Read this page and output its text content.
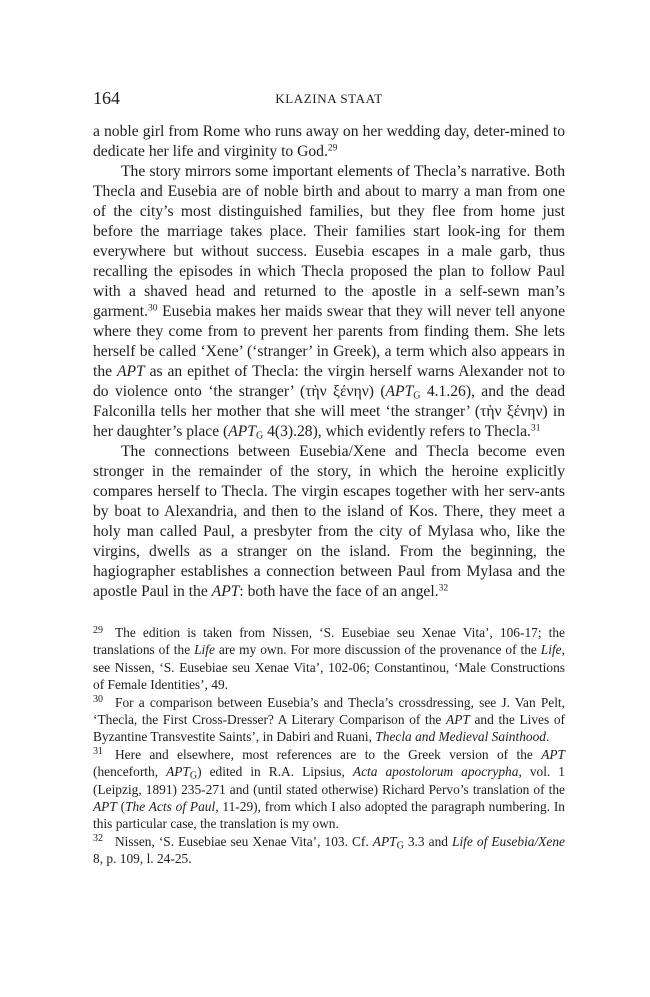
164	KLAZINA STAAT

a noble girl from Rome who runs away on her wedding day, deter-mined to dedicate her life and virginity to God.$^{29}$

The story mirrors some important elements of Thecla’s narrative. Both Thecla and Eusebia are of noble birth and about to marry a man from one of the city’s most distinguished families, but they flee from home just before the marriage takes place. Their families start look-ing for them everywhere but without success. Eusebia escapes in a male garb, thus recalling the episodes in which Thecla proposed the plan to follow Paul with a shaved head and returned to the apostle in a self-sewn man’s garment.$^{30}$ Eusebia makes her maids swear that they will never tell anyone where they come from to prevent her parents from finding them. She lets herself be called ‘Xene’ (‘stranger’ in Greek), a term which also appears in the APT as an epithet of Thecla: the virgin herself warns Alexander not to do violence onto ‘the stranger’ (τὴν ξένην) ($APT_G$ 4.1.26), and the dead Falconilla tells her mother that she will meet ‘the stranger’ (τὴν ξένην) in her daughter’s place ($APT_G$ 4(3).28), which evidently refers to Thecla.$^{31}$

The connections between Eusebia/Xene and Thecla become even stronger in the remainder of the story, in which the heroine explicitly compares herself to Thecla. The virgin escapes together with her serv-ants by boat to Alexandria, and then to the island of Kos. There, they meet a holy man called Paul, a presbyter from the city of Mylasa who, like the virgins, dwells as a stranger on the island. From the beginning, the hagiographer establishes a connection between Paul from Mylasa and the apostle Paul in the APT: both have the face of an angel.$^{32}$

29 The edition is taken from Nissen, ‘S. Eusebiae seu Xenae Vita’, 106-17; the translations of the Life are my own. For more discussion of the provenance of the Life, see Nissen, ‘S. Eusebiae seu Xenae Vita’, 102-06; Constantinou, ‘Male Constructions of Female Identities’, 49.

30 For a comparison between Eusebia’s and Thecla’s crossdressing, see J. Van Pelt, ‘Thecla, the First Cross-Dresser? A Literary Comparison of the APT and the Lives of Byzantine Transvestite Saints’, in Dabiri and Ruani, Thecla and Medieval Sainthood.

31 Here and elsewhere, most references are to the Greek version of the APT (henceforth, $APT_G$) edited in R.A. Lipsius, Acta apostolorum apocrypha, vol. 1 (Leipzig, 1891) 235-271 and (until stated otherwise) Richard Pervo’s translation of the APT (The Acts of Paul, 11-29), from which I also adopted the paragraph numbering. In this particular case, the translation is my own.

32 Nissen, ‘S. Eusebiae seu Xenae Vita’, 103. Cf. $APT_G$ 3.3 and Life of Eusebia/Xene 8, p. 109, l. 24-25.
